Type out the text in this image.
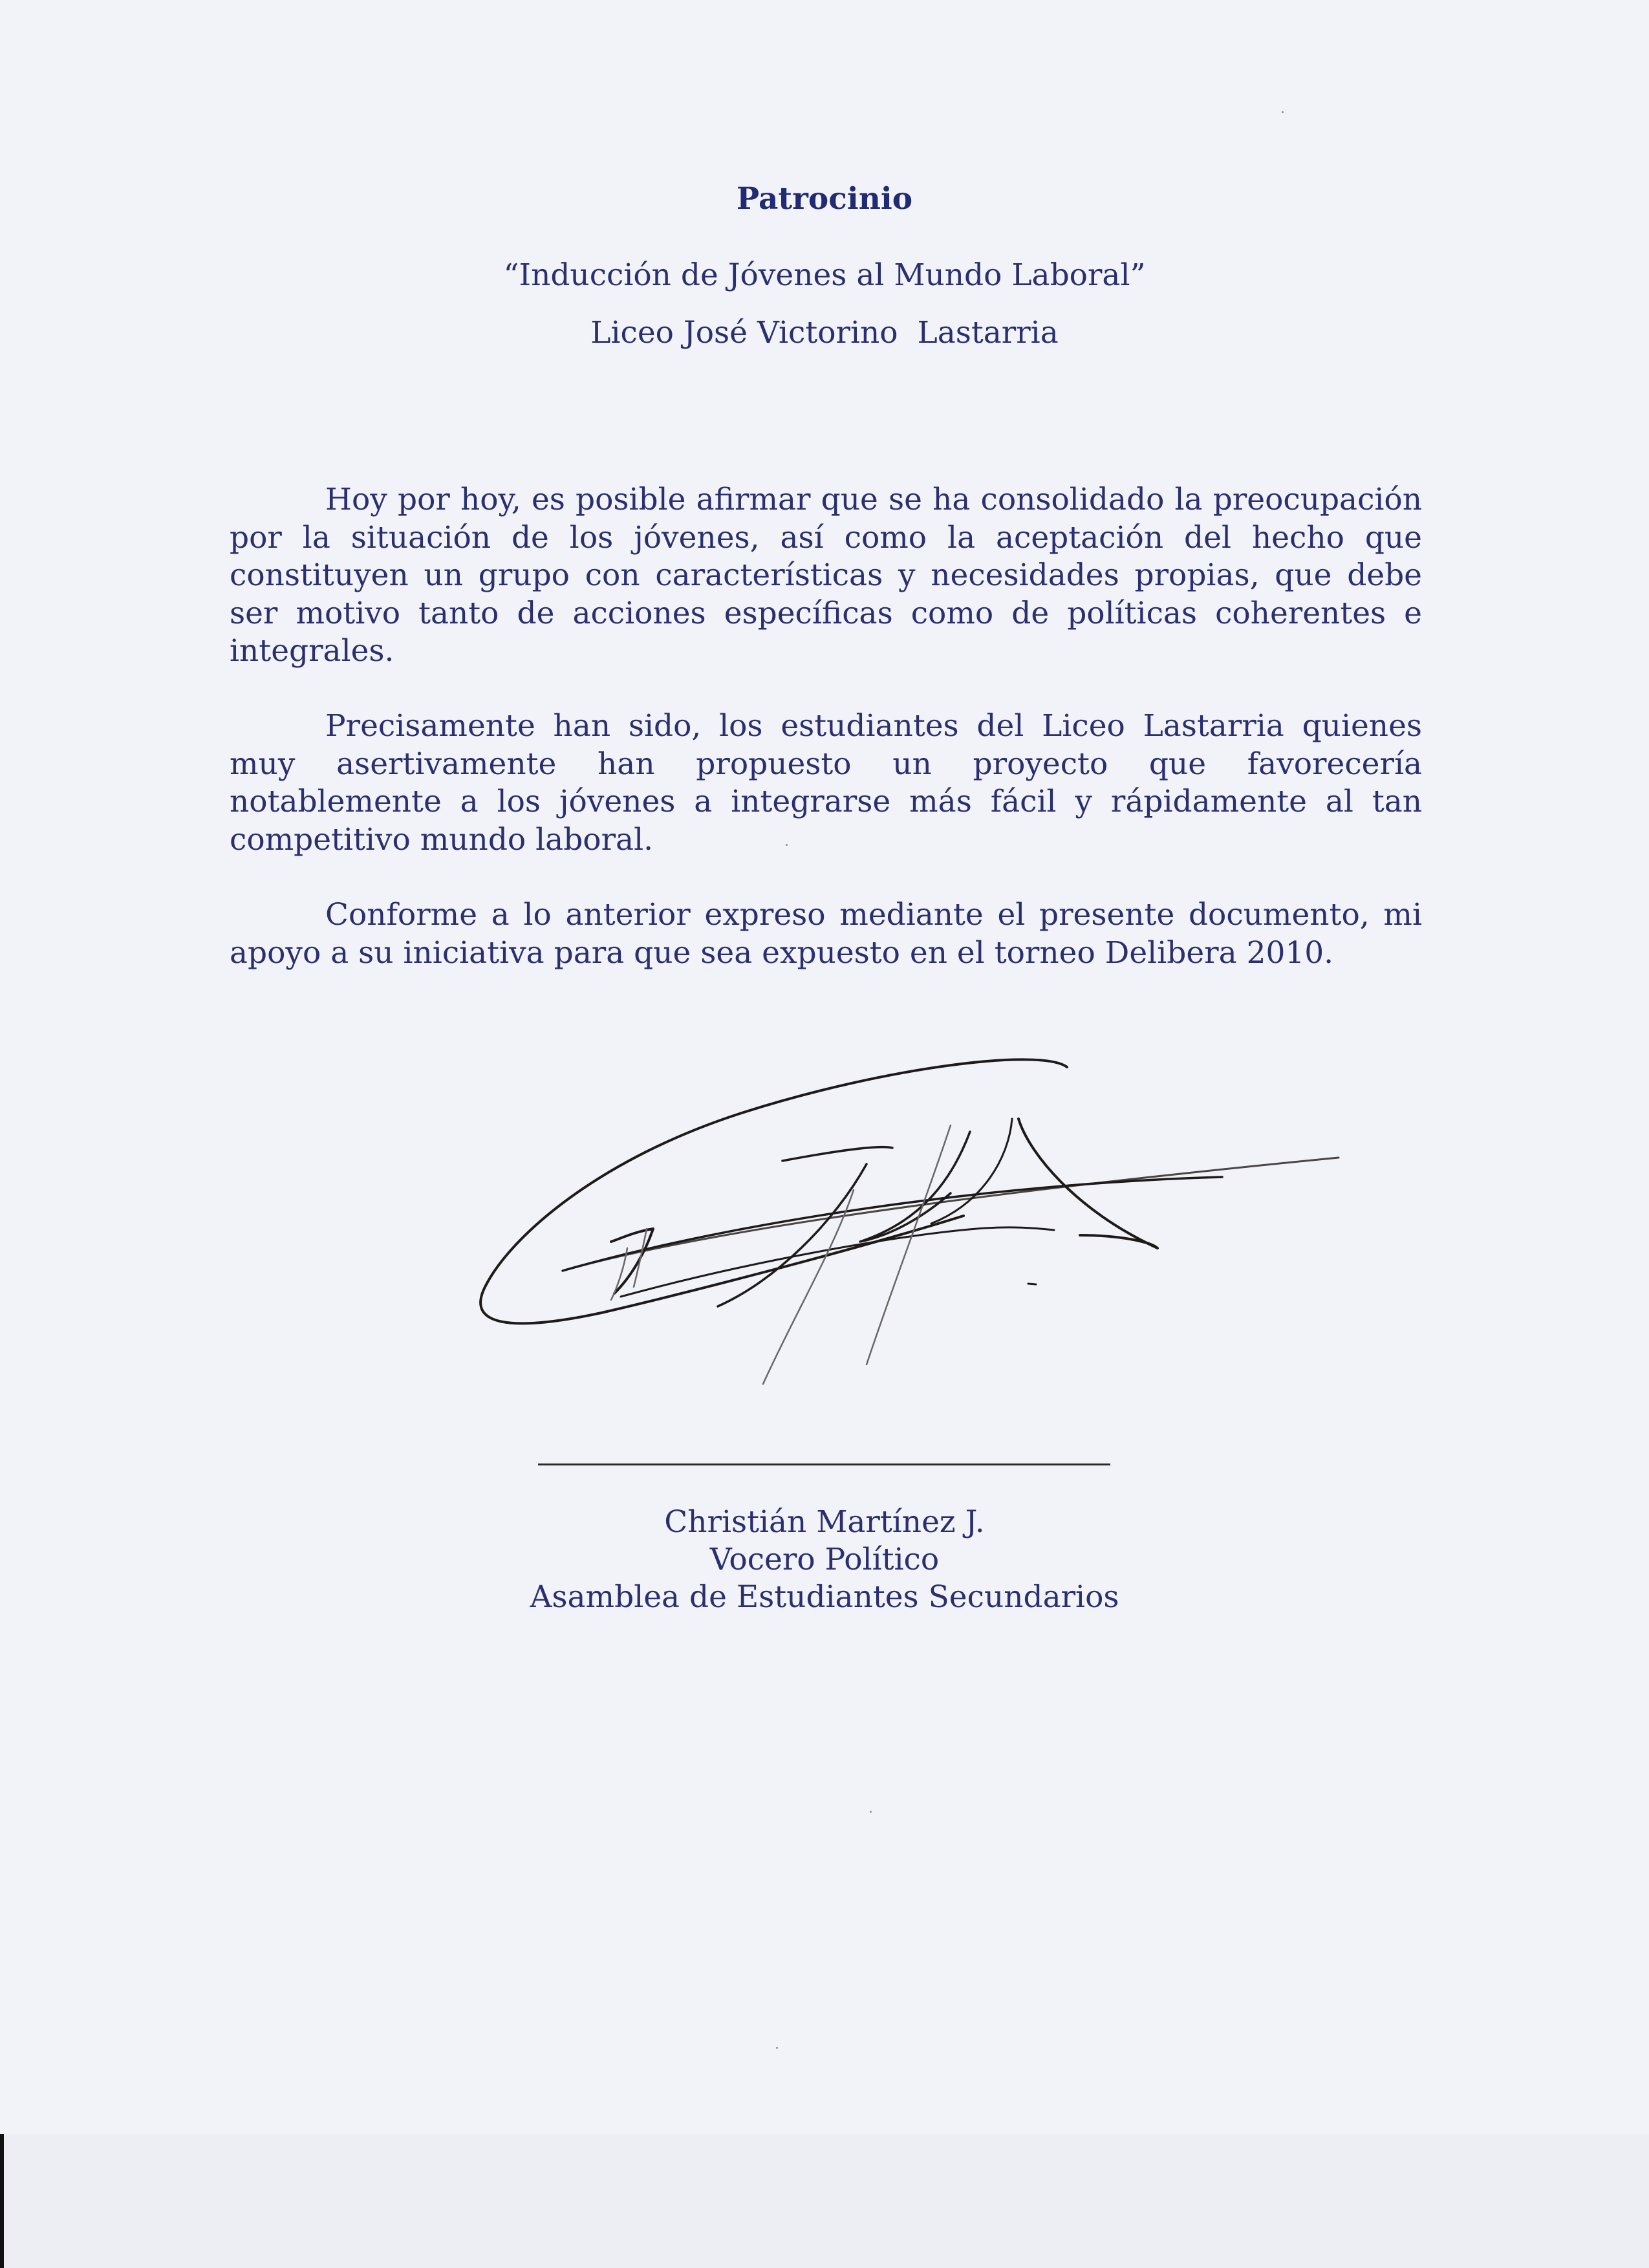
Patrocinio
“Inducción de Jóvenes al Mundo Laboral”
Liceo José Victorino  Lastarria
Hoy por hoy, es posible afirmar que se ha consolidado la preocupación por la situación de los jóvenes, así como la aceptación del hecho que constituyen un grupo con características y necesidades propias, que debe ser motivo tanto de acciones específicas como de políticas coherentes e integrales.
Precisamente han sido, los estudiantes del Liceo Lastarria quienes muy asertivamente han propuesto un proyecto que favorecería notablemente a los jóvenes a integrarse más fácil y rápidamente al tan competitivo mundo laboral.
Conforme a lo anterior expreso mediante el presente documento, mi apoyo a su iniciativa para que sea expuesto en el torneo Delibera 2010.
Christián Martínez J.
Vocero Político
Asamblea de Estudiantes Secundarios
